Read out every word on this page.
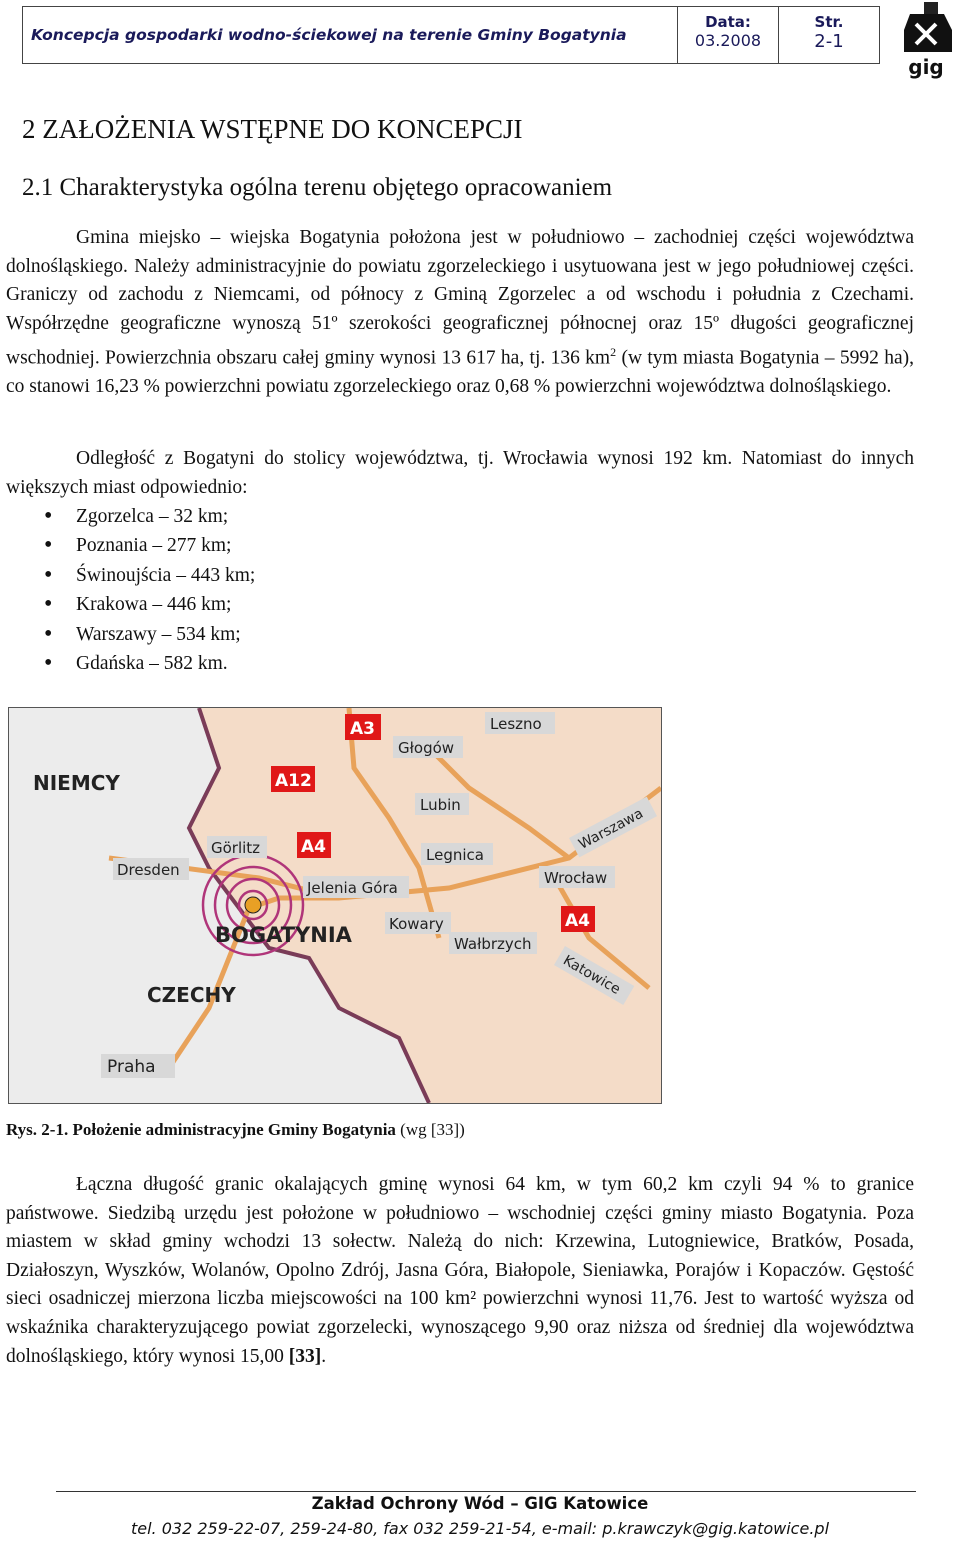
Koncepcja gospodarki wodno-ściekowej na terenie Gminy Bogatynia
Data:
03.2008
Str.
2-1
gig
2 ZAŁOŻENIA WSTĘPNE DO KONCEPCJI
2.1 Charakterystyka ogólna terenu objętego opracowaniem
Gmina miejsko – wiejska Bogatynia położona jest w południowo – zachodniej części województwa dolnośląskiego. Należy administracyjnie do powiatu zgorzeleckiego i usytuowana jest w jego południowej części. Graniczy od zachodu z Niemcami, od północy z Gminą Zgorzelec a od wschodu i południa z Czechami. Współrzędne geograficzne wynoszą 51º szerokości geograficznej północnej oraz 15º długości geograficznej wschodniej. Powierzchnia obszaru całej gminy wynosi 13 617 ha, tj. 136 $km^2$ (w tym miasta Bogatynia – 5992 ha), co stanowi 16,23 % powierzchni powiatu zgorzeleckiego oraz 0,68 % powierzchni województwa dolnośląskiego.
Odległość z Bogatyni do stolicy województwa, tj. Wrocławia wynosi 192 km. Natomiast do innych większych miast odpowiednio:
• Zgorzelca – 32 km;
• Poznania – 277 km;
• Świnoujścia – 443 km;
• Krakowa – 446 km;
• Warszawy – 534 km;
• Gdańska – 582 km.
NIEMCY
CZECHY
BOGATYNIA
Leszno
Głogów
Lubin
Görlitz	Legnica
Dresden
Jelenia Góra
Wrocław
Kowary
Wałbrzych
Praha
Warszawa
Katowice
A3
A12
A4
A4
Rys. 2-1. Położenie administracyjne Gminy Bogatynia (wg [33])
Łączna długość granic okalających gminę wynosi 64 km, w tym 60,2 km czyli 94 % to granice państwowe. Siedzibą urzędu jest położone w południowo – wschodniej części gminy miasto Bogatynia. Poza miastem w skład gminy wchodzi 13 sołectw. Należą do nich: Krzewina, Lutogniewice, Bratków, Posada, Działoszyn, Wyszków, Wolanów, Opolno Zdrój, Jasna Góra, Białopole, Sieniawka, Porajów i Kopaczów. Gęstość sieci osadniczej mierzona liczba miejscowości na 100 km² powierzchni wynosi 11,76. Jest to wartość wyższa od wskaźnika charakteryzującego powiat zgorzelecki, wynoszącego 9,90 oraz niższa od średniej dla województwa dolnośląskiego, który wynosi 15,00 [33].
Zakład Ochrony Wód – GIG Katowice
tel. 032 259-22-07, 259-24-80, fax 032 259-21-54, e-mail: p.krawczyk@gig.katowice.pl
